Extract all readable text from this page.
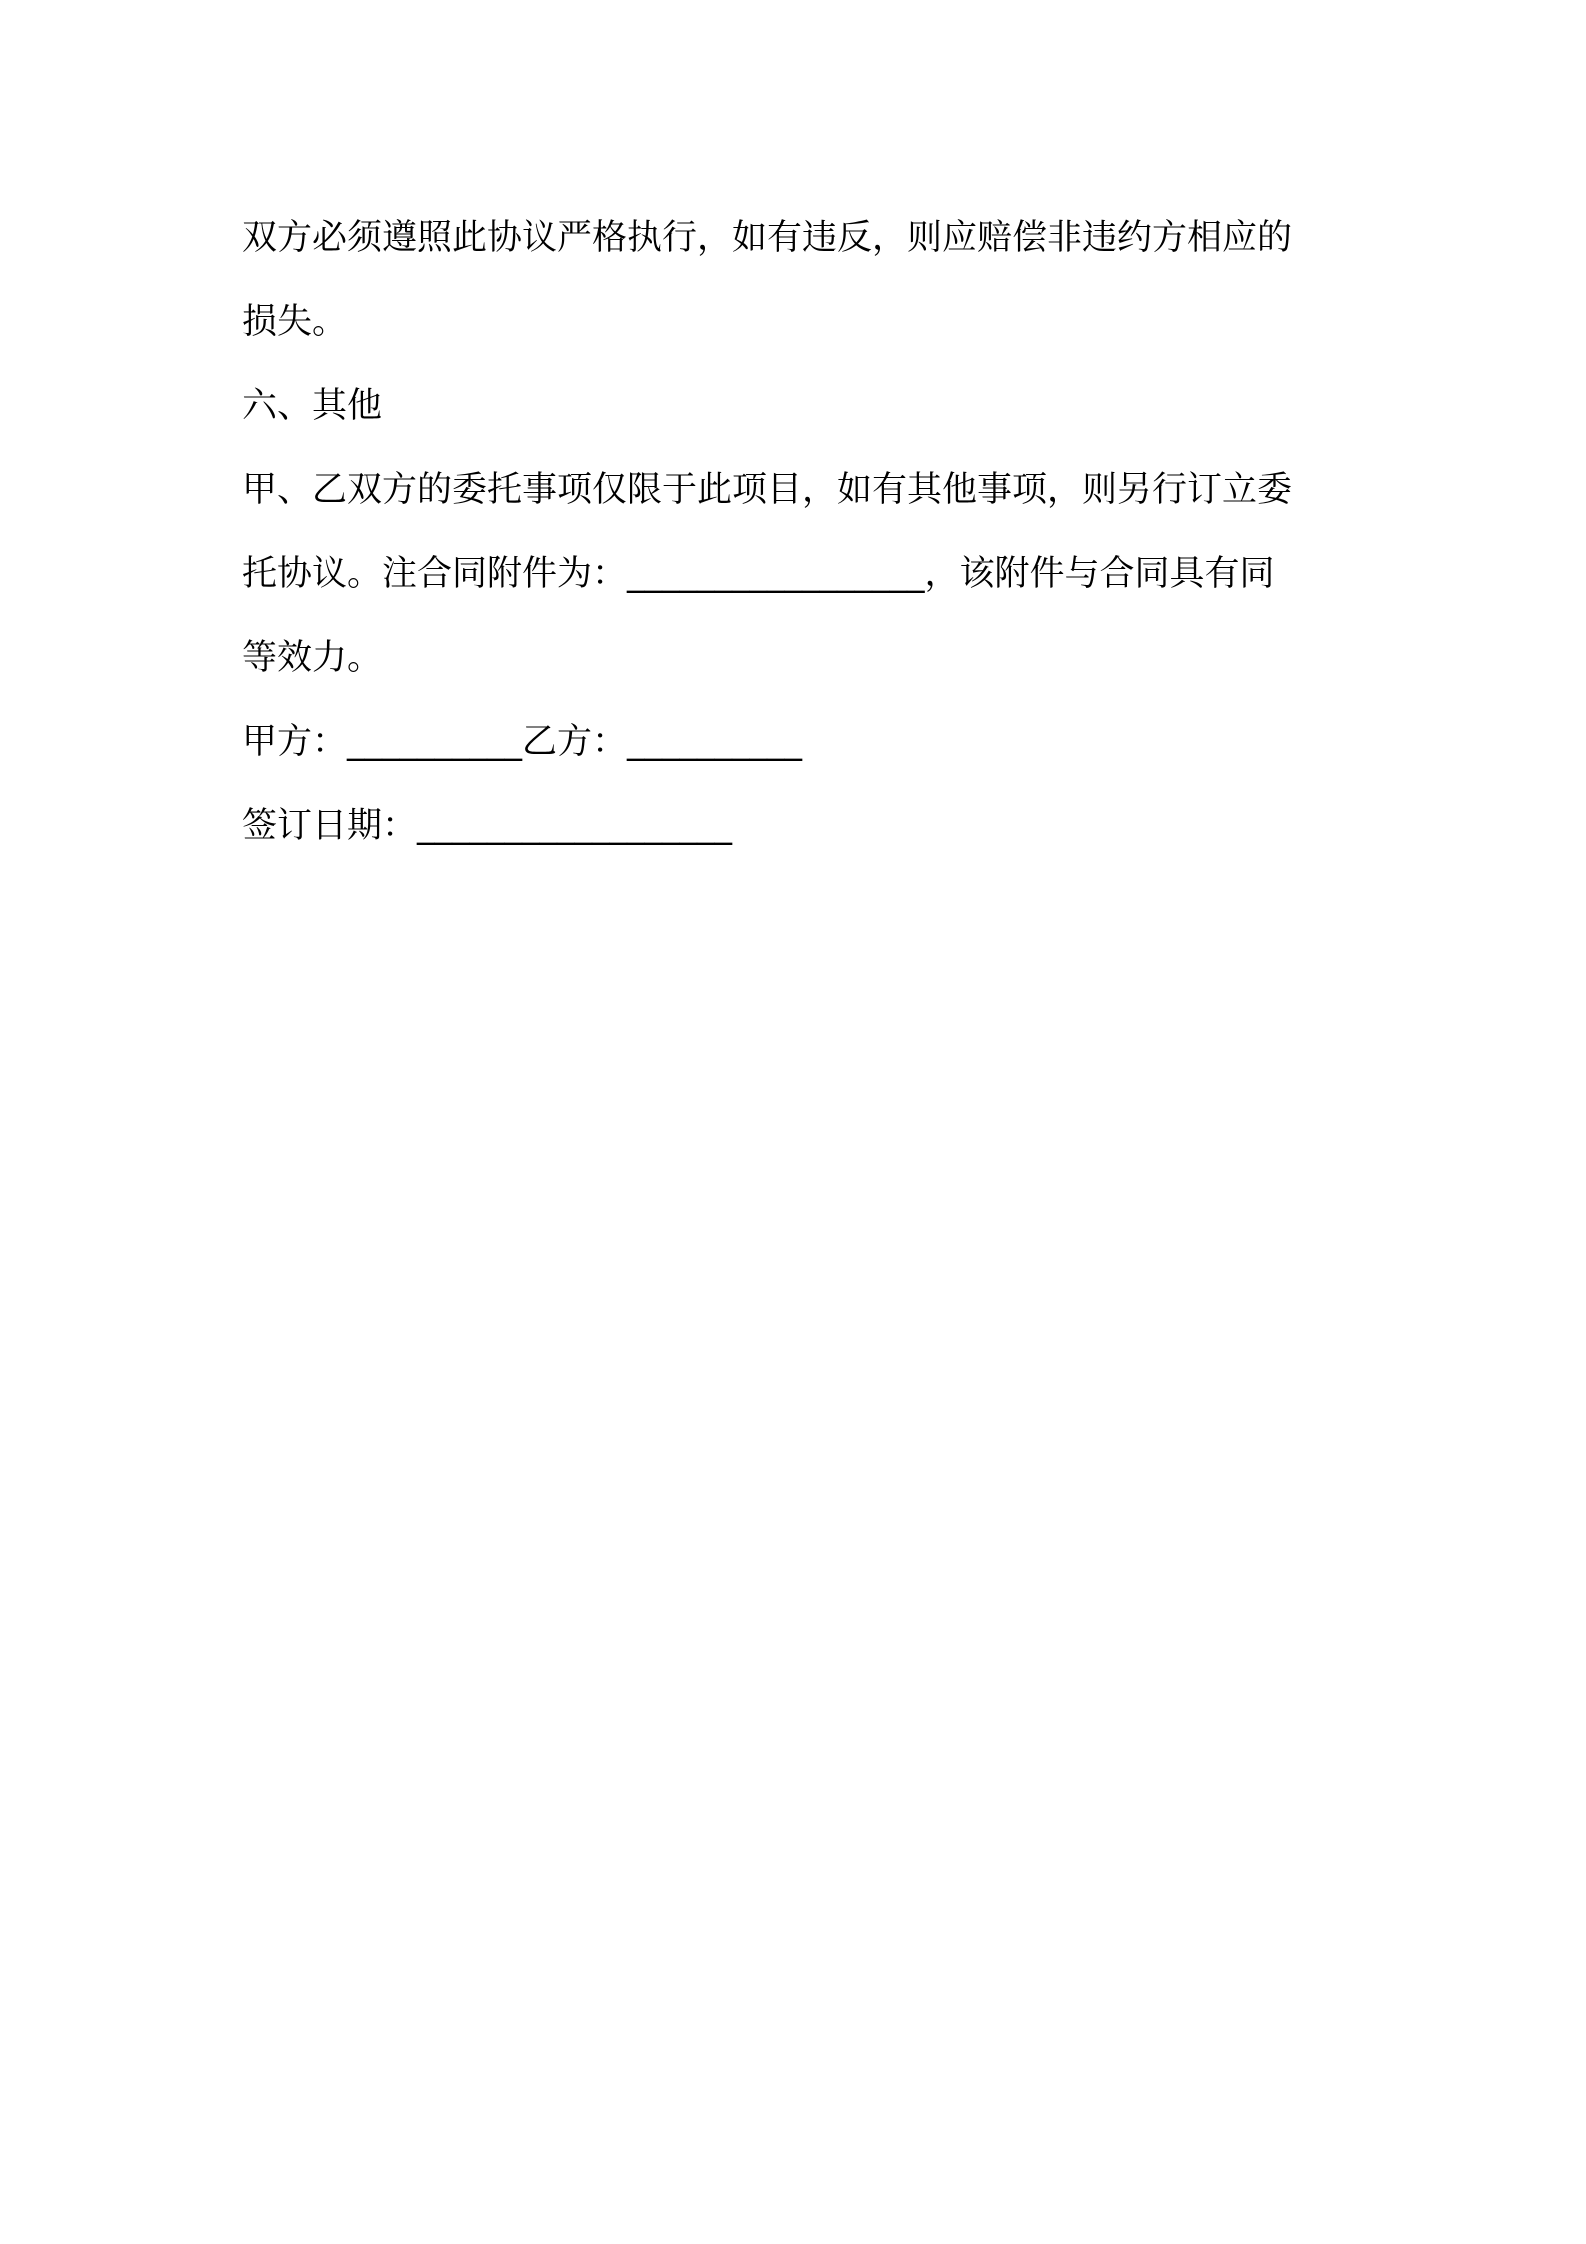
双方必须遵照此协议严格执行，如有违反，则应赔偿非违约方相应的
损失。
六、其他
甲、乙双方的委托事项仅限于此项目，如有其他事项，则另行订立委
托协议。注合同附件为：_________________，该附件与合同具有同
等效力。
甲方：__________乙方：__________
签订日期：__________________
